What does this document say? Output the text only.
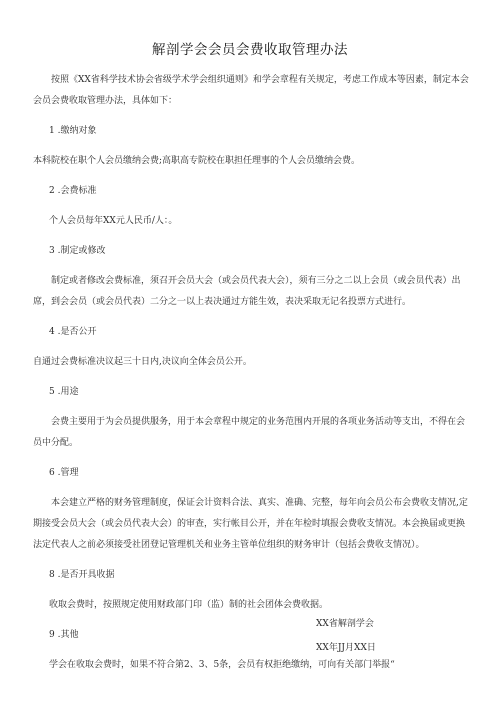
解剖学会会员会费收取管理办法

按照《XX省科学技术协会省级学术学会组织通则》和学会章程有关规定，考虑工作成本等因素，制定本会会员会费收取管理办法，具体如下：

1 .缴纳对象

本科院校在职个人会员缴纳会费;高职高专院校在职担任理事的个人会员缴纳会费。

2 .会费标准

个人会员每年XX元人民币/人：。

3 .制定或修改

制定或者修改会费标准，须召开会员大会（或会员代表大会），须有三分之二以上会员（或会员代表）出席，到会会员（或会员代表）二分之一以上表决通过方能生效，表决采取无记名投票方式进行。

4 .是否公开

自通过会费标准决议起三十日内,决议向全体会员公开。

5 .用途

会费主要用于为会员提供服务，用于本会章程中规定的业务范围内开展的各项业务活动等支出，不得在会员中分配。

6 .管理

本会建立严格的财务管理制度，保证会计资料合法、真实、准确、完整，每年向会员公布会费收支情况,定期接受会员大会（或会员代表大会）的审查，实行帐目公开，并在年检时填报会费收支情况。本会换届或更换法定代表人之前必须接受社团登记管理机关和业务主管单位组织的财务审计（包括会费收支情况）。

8 .是否开具收据

收取会费时，按照规定使用财政部门印（监）制的社会团体会费收据。

9 .其他

学会在收取会费时，如果不符合第2、3、5条，会员有权拒绝缴纳，可向有关部门举报“

XX省解剖学会
XX年JJ月XX日
